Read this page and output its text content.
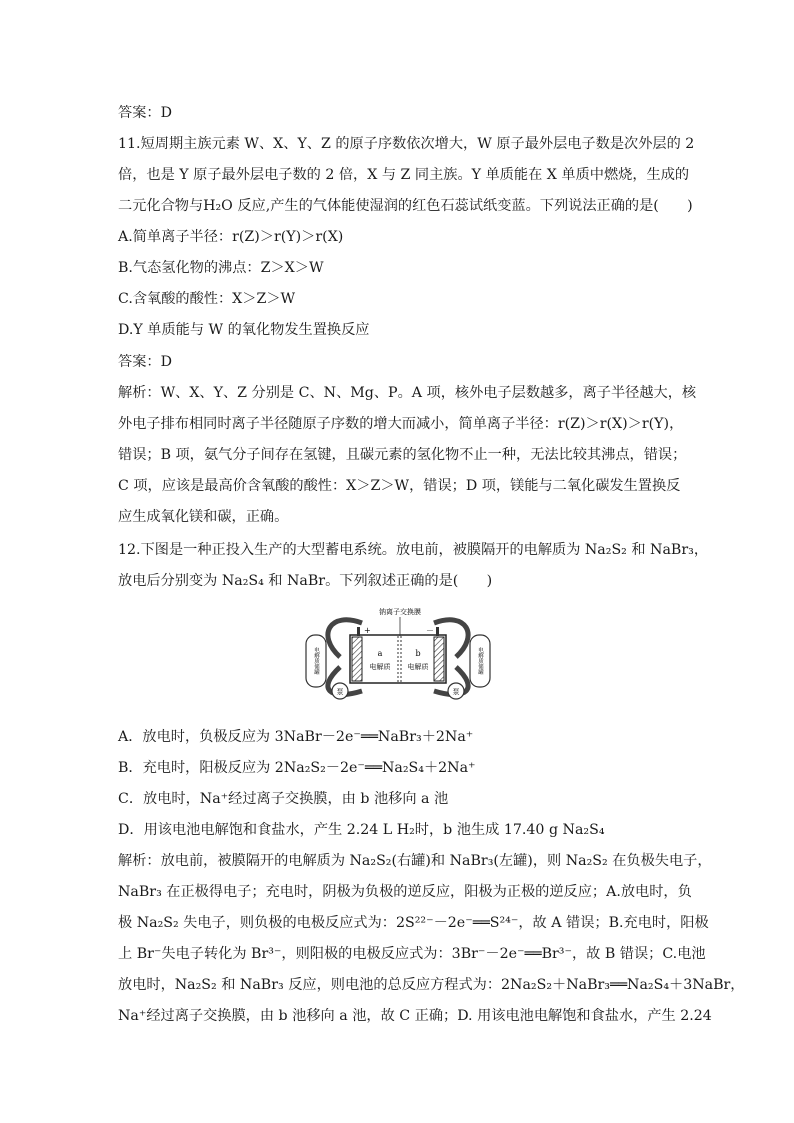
答案：D
11.短周期主族元素 W、X、Y、Z 的原子序数依次增大，W 原子最外层电子数是次外层的 2
倍，也是 Y 原子最外层电子数的 2 倍，X 与 Z 同主族。Y 单质能在 X 单质中燃烧，生成的
二元化合物与H₂O 反应,产生的气体能使湿润的红色石蕊试纸变蓝。下列说法正确的是(　　)
A.简单离子半径：r(Z)＞r(Y)＞r(X)
B.气态氢化物的沸点：Z＞X＞W
C.含氧酸的酸性：X＞Z＞W
D.Y 单质能与 W 的氧化物发生置换反应
答案：D
解析：W、X、Y、Z 分别是 C、N、Mg、P。A 项，核外电子层数越多，离子半径越大，核
外电子排布相同时离子半径随原子序数的增大而减小，简单离子半径：r(Z)＞r(X)＞r(Y)，
错误；B 项，氨气分子间存在氢键，且碳元素的氢化物不止一种，无法比较其沸点，错误；
C 项，应该是最高价含氧酸的酸性：X＞Z＞W，错误；D 项，镁能与二氧化碳发生置换反
应生成氧化镁和碳，正确。
12.下图是一种正投入生产的大型蓄电系统。放电前，被膜隔开的电解质为 Na₂S₂ 和 NaBr₃，
放电后分别变为 Na₂S₄ 和 NaBr。下列叙述正确的是(　　)
电解质储罐	电解质储罐
钠离子交换膜
+	－
a
电解质
b
电解质
泵	泵
A．放电时，负极反应为 3NaBr－2e⁻══NaBr₃＋2Na⁺
B．充电时，阳极反应为 2Na₂S₂－2e⁻══Na₂S₄＋2Na⁺
C．放电时，Na⁺经过离子交换膜，由 b 池移向 a 池
D．用该电池电解饱和食盐水，产生 2.24 L H₂时，b 池生成 17.40 g Na₂S₄
解析：放电前，被膜隔开的电解质为 Na₂S₂(右罐)和 NaBr₃(左罐)，则 Na₂S₂ 在负极失电子，
NaBr₃ 在正极得电子；充电时，阴极为负极的逆反应，阳极为正极的逆反应；A.放电时，负
极 Na₂S₂ 失电子，则负极的电极反应式为：2S²²⁻－2e⁻══S²⁴⁻，故 A 错误；B.充电时，阳极
上 Br⁻失电子转化为 Br³⁻，则阳极的电极反应式为：3Br⁻－2e⁻══Br³⁻，故 B 错误；C.电池
放电时，Na₂S₂ 和 NaBr₃ 反应，则电池的总反应方程式为：2Na₂S₂＋NaBr₃══Na₂S₄＋3NaBr，
Na⁺经过离子交换膜，由 b 池移向 a 池，故 C 正确；D. 用该电池电解饱和食盐水，产生 2.24
